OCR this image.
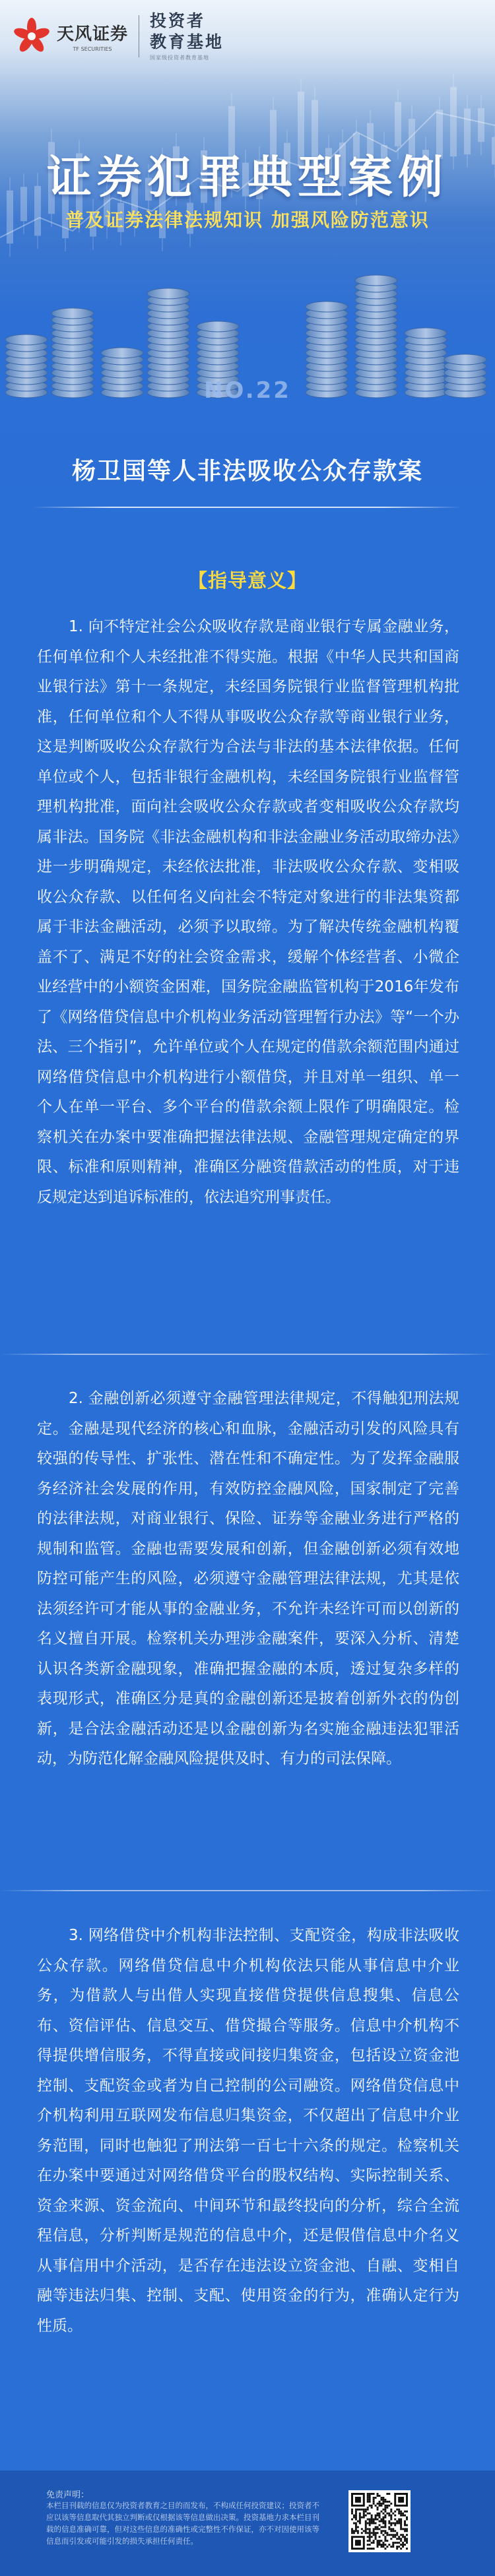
天风证券
TF SECURITIES
投资者
教育基地
国家级投资者教育基地
证券犯罪典型案例
普及证券法律法规知识 加强风险防范意识
NO.22
杨卫国等人非法吸收公众存款案
【指导意义】

1. 向不特定社会公众吸收存款是商业银行专属金融业务，任何单位和个人未经批准不得实施。根据《中华人民共和国商业银行法》第十一条规定，未经国务院银行业监督管理机构批准，任何单位和个人不得从事吸收公众存款等商业银行业务，这是判断吸收公众存款行为合法与非法的基本法律依据。任何单位或个人，包括非银行金融机构，未经国务院银行业监督管理机构批准，面向社会吸收公众存款或者变相吸收公众存款均属非法。国务院《非法金融机构和非法金融业务活动取缔办法》进一步明确规定，未经依法批准，非法吸收公众存款、变相吸收公众存款、以任何名义向社会不特定对象进行的非法集资都属于非法金融活动，必须予以取缔。为了解决传统金融机构覆盖不了、满足不好的社会资金需求，缓解个体经营者、小微企业经营中的小额资金困难，国务院金融监管机构于2016年发布了《网络借贷信息中介机构业务活动管理暂行办法》等“一个办法、三个指引”，允许单位或个人在规定的借款余额范围内通过网络借贷信息中介机构进行小额借贷，并且对单一组织、单一个人在单一平台、多个平台的借款余额上限作了明确限定。检察机关在办案中要准确把握法律法规、金融管理规定确定的界限、标准和原则精神，准确区分融资借款活动的性质，对于违反规定达到追诉标准的，依法追究刑事责任。

2. 金融创新必须遵守金融管理法律规定，不得触犯刑法规定。金融是现代经济的核心和血脉，金融活动引发的风险具有较强的传导性、扩张性、潜在性和不确定性。为了发挥金融服务经济社会发展的作用，有效防控金融风险，国家制定了完善的法律法规，对商业银行、保险、证券等金融业务进行严格的规制和监管。金融也需要发展和创新，但金融创新必须有效地防控可能产生的风险，必须遵守金融管理法律法规，尤其是依法须经许可才能从事的金融业务，不允许未经许可而以创新的名义擅自开展。检察机关办理涉金融案件，要深入分析、清楚认识各类新金融现象，准确把握金融的本质，透过复杂多样的表现形式，准确区分是真的金融创新还是披着创新外衣的伪创新，是合法金融活动还是以金融创新为名实施金融违法犯罪活动，为防范化解金融风险提供及时、有力的司法保障。

3. 网络借贷中介机构非法控制、支配资金，构成非法吸收公众存款。网络借贷信息中介机构依法只能从事信息中介业务，为借款人与出借人实现直接借贷提供信息搜集、信息公布、资信评估、信息交互、借贷撮合等服务。信息中介机构不得提供增信服务，不得直接或间接归集资金，包括设立资金池控制、支配资金或者为自己控制的公司融资。网络借贷信息中介机构利用互联网发布信息归集资金，不仅超出了信息中介业务范围，同时也触犯了刑法第一百七十六条的规定。检察机关在办案中要通过对网络借贷平台的股权结构、实际控制关系、资金来源、资金流向、中间环节和最终投向的分析，综合全流程信息，分析判断是规范的信息中介，还是假借信息中介名义从事信用中介活动，是否存在违法设立资金池、自融、变相自融等违法归集、控制、支配、使用资金的行为，准确认定行为性质。

免责声明：

本栏目刊载的信息仅为投资者教育之目的而发布，不构成任何投资建议；投资者不应以该等信息取代其独立判断或仅根据该等信息做出决策。投资基地力求本栏目刊载的信息准确可靠，但对这些信息的准确性或完整性不作保证，亦不对因使用该等信息而引发或可能引发的损失承担任何责任。
